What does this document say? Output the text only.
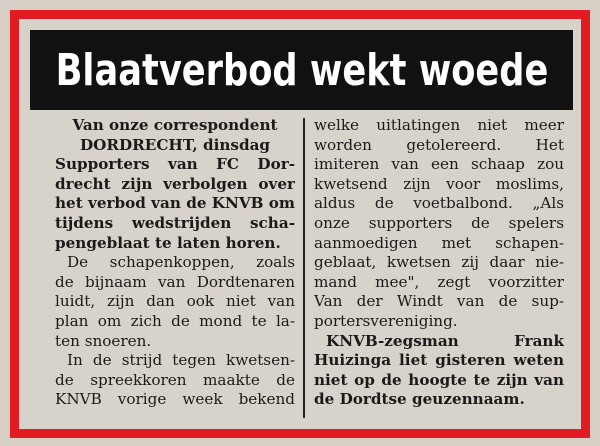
Blaatverbod wekt woede
Van onze correspondent
DORDRECHT, dinsdag
Supporters van FC Dor-
drecht zijn verbolgen over
het verbod van de KNVB om
tijdens wedstrijden scha-
pengeblaat te laten horen.
De schapenkoppen, zoals
de bijnaam van Dordtenaren
luidt, zijn dan ook niet van
plan om zich de mond te la-
ten snoeren.
In de strijd tegen kwetsen-
de spreekkoren maakte de
KNVB vorige week bekend
welke uitlatingen niet meer
worden getolereerd. Het
imiteren van een schaap zou
kwetsend zijn voor moslims,
aldus de voetbalbond. „Als
onze supporters de spelers
aanmoedigen met schapen-
geblaat, kwetsen zij daar nie-
mand mee", zegt voorzitter
Van der Windt van de sup-
portersvereniging.
KNVB-zegsman Frank
Huizinga liet gisteren weten
niet op de hoogte te zijn van
de Dordtse geuzennaam.
